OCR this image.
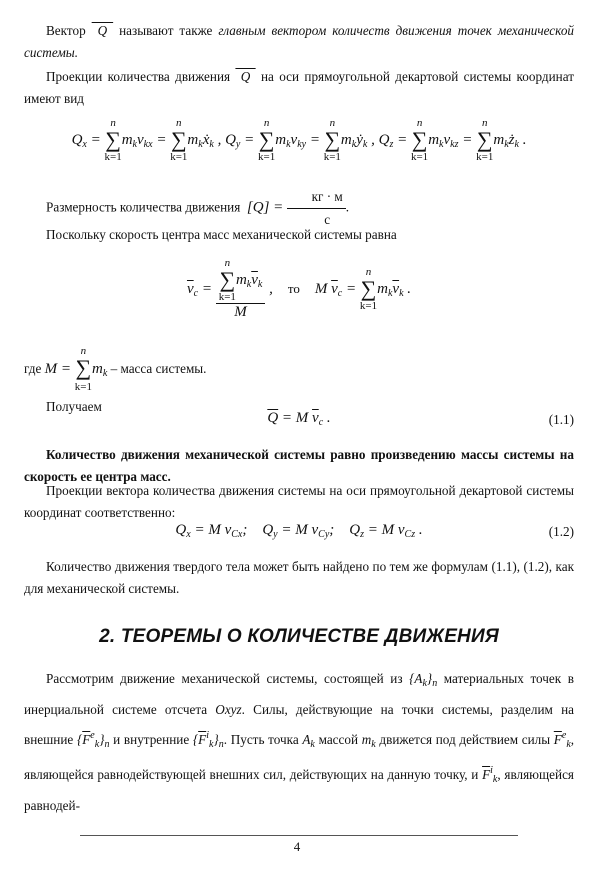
Вектор  Q  называют также главным вектором количеств движения точек механической системы.
Проекции количества движения  Q  на оси прямоугольной декартовой системы координат имеют вид
$Q_x$ =
n
∑
k=1
$m_kv_{kx}$ =
n
∑
k=1
$m_kẋ_k$ , $Q_y$ =
n
∑
k=1
$m_kv_{ky}$ =
n
∑
k=1
$m_kẏ_k$ , $Q_z$ =
n
∑
k=1
$m_kv_{kz}$ =
n
∑
k=1
$m_kż_k$ .
Размерность количества движения $[Q] = \frac{кг \cdot м}{с}$ .
Поскольку скорость центра масс механической системы равна
$\overline{v}_c = n$
∑
k=1
$m_k\overline{v}_k$
M ,    то    M $\overline{v}_c$ =
n
∑
k=1
$m_k\overline{v}_k$ .
где M =
n
∑
k=1
$m_k$ – масса системы.
Получаем
$\overline{Q} = M$ $\overline{v}_c$ .	(1.1)
Количество движения механической системы равно произведению массы системы на скорость ее центра масс.
Проекции вектора количества движения системы на оси прямоугольной декартовой системы координат соответственно:
$Q_x = M$ $v_{Cx}$;    $Q_y = M$ $v_{Cy}$;    $Q_z = M$ $v_{Cz}$ .	(1.2)
Количество движения твердого тела может быть найдено по тем же формулам (1.1), (1.2), как для механической системы.
2. ТЕОРЕМЫ О КОЛИЧЕСТВЕ ДВИЖЕНИЯ
Рассмотрим движение механической системы, состоящей из $\{A_k\}_n$ материальных точек в инерциальной системе отсчета Oxyz. Силы, действующие на точки системы, разделим на внешние $\{\overline{F}^e_k\}_n$ и внутренние $\{\overline{F}^i_k\}_n$. Пусть точка $A_k$ массой $m_k$ движется под действием силы $\overline{F}^e_k$, являющейся равнодействующей внешних сил, действующих на данную точку, и $\overline{F}^i_k$, являющейся равнодей-
4
